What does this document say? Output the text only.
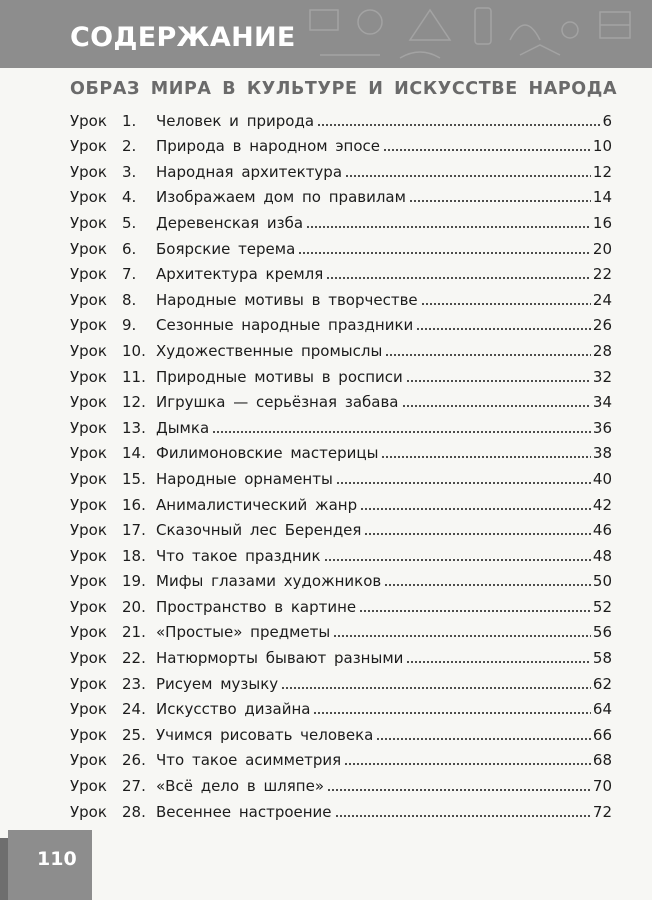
СОДЕРЖАНИЕ
ОБРАЗ МИРА В КУЛЬТУРЕ И ИСКУССТВЕ НАРОДА
Урок	1.	Человек и природа	6
Урок	2.	Природа в народном эпосе	10
Урок	3.	Народная архитектура	12
Урок	4.	Изображаем дом по правилам	14
Урок	5.	Деревенская изба	16
Урок	6.	Боярские терема	20
Урок	7.	Архитектура кремля	22
Урок	8.	Народные мотивы в творчестве	24
Урок	9.	Сезонные народные праздники	26
Урок	10. Художественные промыслы	28
Урок	11. Природные мотивы в росписи	32
Урок	12. Игрушка — серьёзная забава	34
Урок	13. Дымка	36
Урок	14. Филимоновские мастерицы	38
Урок	15. Народные орнаменты	40
Урок	16. Анималистический жанр	42
Урок	17. Сказочный лес Берендея	46
Урок	18. Что такое праздник	48
Урок	19. Мифы глазами художников	50
Урок	20. Пространство в картине	52
Урок	21. «Простые» предметы	56
Урок	22. Натюрморты бывают разными	58
Урок	23. Рисуем музыку	62
Урок	24. Искусство дизайна	64
Урок	25. Учимся рисовать человека	66
Урок	26. Что такое асимметрия	68
Урок	27. «Всё дело в шляпе»	70
Урок	28. Весеннее настроение	72
110
